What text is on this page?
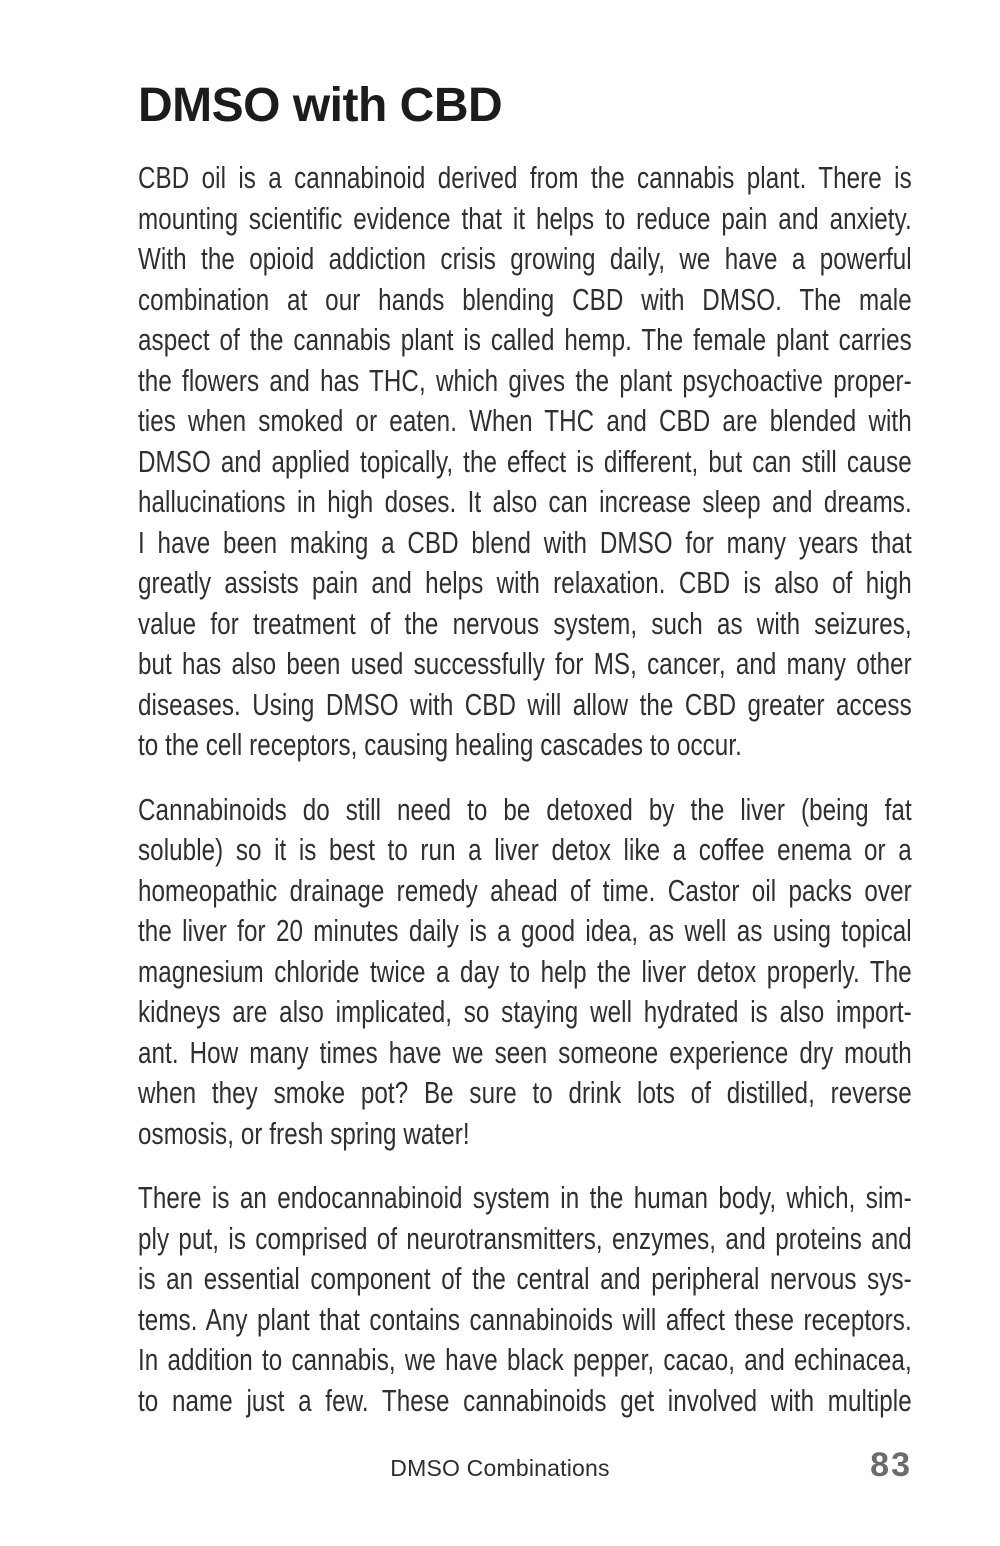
DMSO with CBD
CBD oil is a cannabinoid derived from the cannabis plant. There is
mounting scientific evidence that it helps to reduce pain and anxiety.
With the opioid addiction crisis growing daily, we have a powerful
combination at our hands blending CBD with DMSO. The male
aspect of the cannabis plant is called hemp. The female plant carries
the flowers and has THC, which gives the plant psychoactive proper-
ties when smoked or eaten. When THC and CBD are blended with
DMSO and applied topically, the effect is different, but can still cause
hallucinations in high doses. It also can increase sleep and dreams.
I have been making a CBD blend with DMSO for many years that
greatly assists pain and helps with relaxation. CBD is also of high
value for treatment of the nervous system, such as with seizures,
but has also been used successfully for MS, cancer, and many other
diseases. Using DMSO with CBD will allow the CBD greater access
to the cell receptors, causing healing cascades to occur.
Cannabinoids do still need to be detoxed by the liver (being fat
soluble) so it is best to run a liver detox like a coffee enema or a
homeopathic drainage remedy ahead of time. Castor oil packs over
the liver for 20 minutes daily is a good idea, as well as using topical
magnesium chloride twice a day to help the liver detox properly. The
kidneys are also implicated, so staying well hydrated is also import-
ant. How many times have we seen someone experience dry mouth
when they smoke pot? Be sure to drink lots of distilled, reverse
osmosis, or fresh spring water!
There is an endocannabinoid system in the human body, which, sim-
ply put, is comprised of neurotransmitters, enzymes, and proteins and
is an essential component of the central and peripheral nervous sys-
tems. Any plant that contains cannabinoids will affect these receptors.
In addition to cannabis, we have black pepper, cacao, and echinacea,
to name just a few. These cannabinoids get involved with multiple
DMSO Combinations	83
